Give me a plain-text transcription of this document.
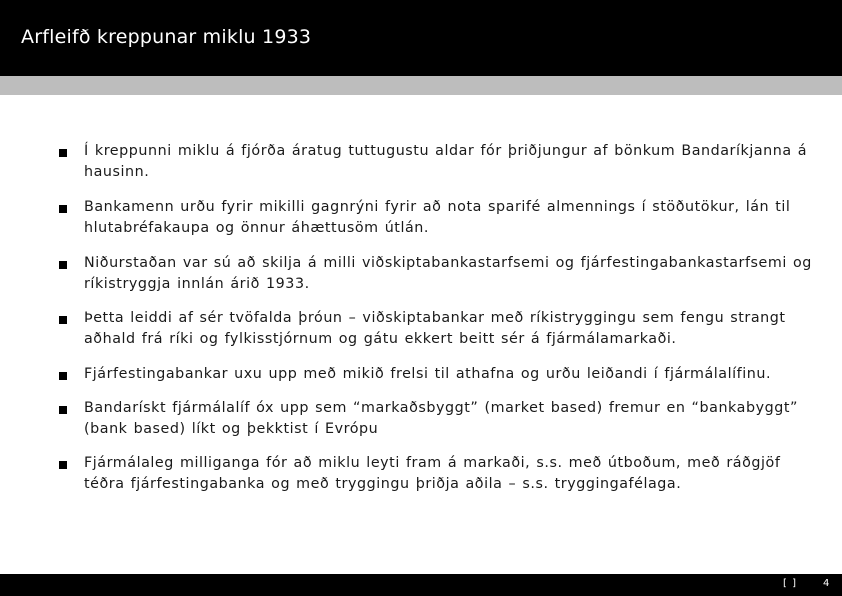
Arfleifð kreppunar miklu 1933
Í kreppunni miklu á fjórða áratug tuttugustu aldar fór þriðjungur af bönkum Bandaríkjanna á hausinn.
Bankamenn urðu fyrir mikilli gagnrýni fyrir að nota sparifé almennings í stöðutökur, lán til hlutabréfakaupa og önnur áhættusöm útlán.
Niðurstaðan var sú að skilja á milli viðskiptabankastarfsemi og fjárfestingabankastarfsemi og ríkistryggja innlán árið 1933.
Þetta leiddi af sér tvöfalda þróun – viðskiptabankar með ríkistryggingu sem fengu strangt aðhald frá ríki og fylkisstjórnum og gátu ekkert beitt sér á fjármálamarkaði.
Fjárfestingabankar uxu upp með mikið frelsi til athafna og urðu leiðandi í fjármálalífinu.
Bandarískt fjármálalíf óx upp sem “markaðsbyggt” (market based) fremur en “bankabyggt” (bank based) líkt og þekktist í Evrópu
Fjármálaleg milliganga fór að miklu leyti fram á markaði, s.s. með útboðum, með ráðgjöf téðra fjárfestingabanka og með tryggingu þriðja aðila – s.s. tryggingafélaga.
[ ]	4
